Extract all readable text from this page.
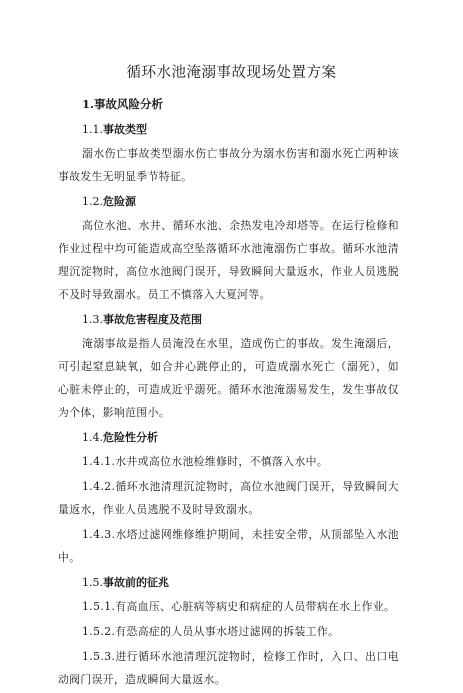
循环水池淹溺事故现场处置方案
1.事故风险分析
1.1.事故类型

溺水伤亡事故类型溺水伤亡事故分为溺水伤害和溺水死亡两种该事故发生无明显季节特征。

1.2.危险源

高位水池、水井、循环水池、余热发电冷却塔等。在运行检修和作业过程中均可能造成高空坠落循环水池淹溺伤亡事故。循环水池清理沉淀物时，高位水池阀门误开，导致瞬间大量返水，作业人员逃脱不及时导致溺水。员工不慎落入大夏河等。

1.3.事故危害程度及范围

淹溺事故是指人员淹没在水里，造成伤亡的事故。发生淹溺后，可引起窒息缺氧，如合并心跳停止的，可造成溺水死亡（溺死），如心脏未停止的，可造成近乎溺死。循环水池淹溺易发生，发生事故仅为个体，影响范围小。

1.4.危险性分析

1.4.1.水井或高位水池检维修时，不慎落入水中。

1.4.2.循环水池清理沉淀物时，高位水池阀门误开，导致瞬间大量返水，作业人员逃脱不及时导致溺水。

1.4.3.水塔过滤网维修维护期间，未挂安全带，从顶部坠入水池中。

1.5.事故前的征兆

1.5.1.有高血压、心脏病等病史和病症的人员带病在水上作业。

1.5.2.有恐高症的人员从事水塔过滤网的拆装工作。

1.5.3.进行循环水池清理沉淀物时，检修工作时，入口、出口电动阀门误开，造成瞬间大量返水。
